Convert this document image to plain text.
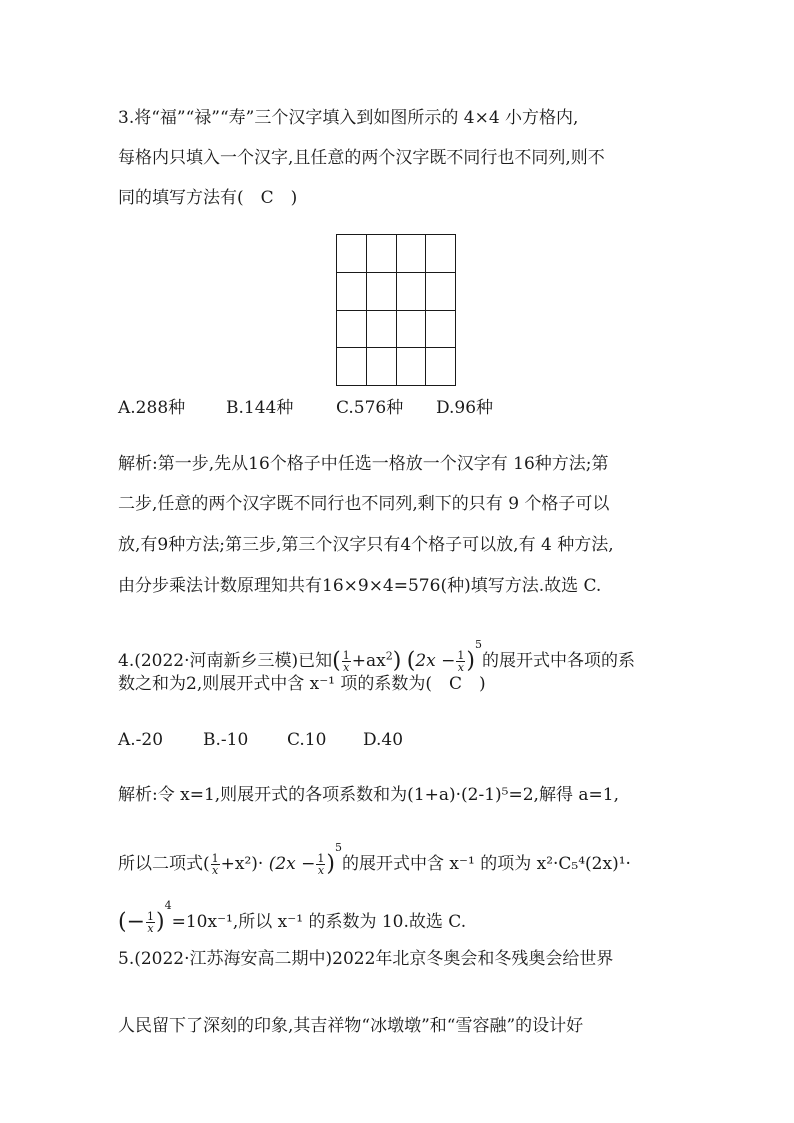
3.将“福”“禄”“寿”三个汉字填入到如图所示的 4×4 小方格内,
每格内只填入一个汉字,且任意的两个汉字既不同行也不同列,则不
同的填写方法有(　C　)

A.288种 B.144种	C.576种 D.96种
解析:第一步,先从16个格子中任选一格放一个汉字有 16种方法;第
二步,任意的两个汉字既不同行也不同列,剩下的只有 9 个格子可以
放,有9种方法;第三步,第三个汉字只有4个格子可以放,有 4 种方法,
由分步乘法计数原理知共有16×9×4=576(种)填写方法.故选 C.
4.(2022·河南新乡三模)已知( $\frac{1}{x} +ax^2$) $(2x - \frac{1}{x} )^5$的展开式中各项的系
数之和为2,则展开式中含 x⁻¹ 项的系数为(　C　)
A.-20 B.-10 C.10 D.40
解析:令 x=1,则展开式的各项系数和为(1+a)·(2-1)⁵=2,解得 a=1,
所以二项式( $\frac{1}{x} +x^2)\cdot (2x - \frac{1}{x} )^5$的展开式中含 x⁻¹ 的项为 x²·C₅⁴(2x)¹·
(− $\frac{1}{x} )^4=10x^{-1}$,所以 x⁻¹ 的系数为 10.故选 C.
5.(2022·江苏海安高二期中)2022年北京冬奥会和冬残奥会给世界
人民留下了深刻的印象,其吉祥物“冰墩墩”和“雪容融”的设计好
